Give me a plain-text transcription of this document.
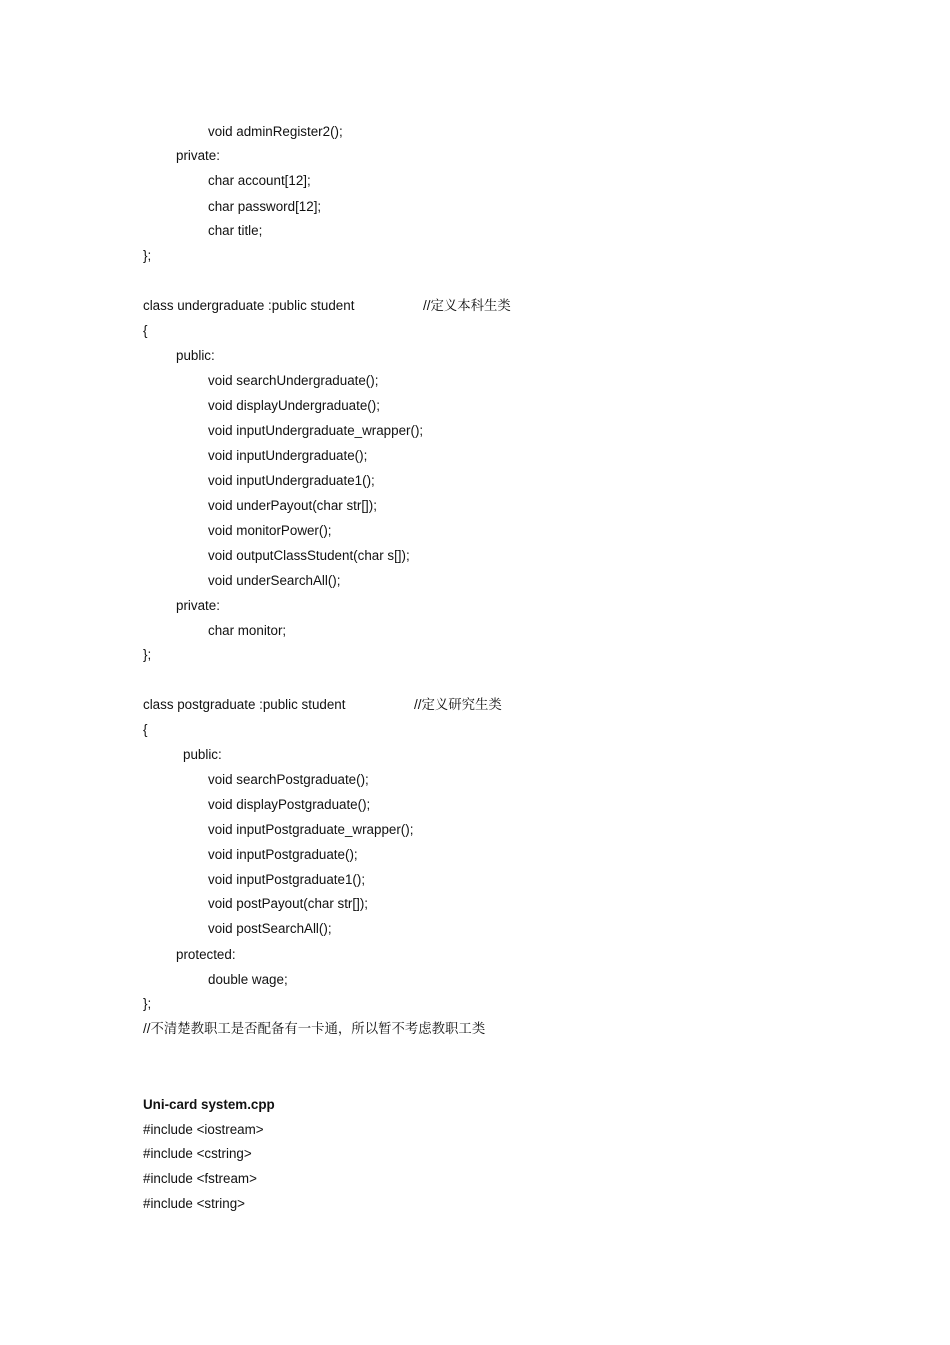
void adminRegister2();
private:
char account[12];
char password[12];
char title;
};
class undergraduate :public student	//定义本科生类
{
public:
void searchUndergraduate();
void displayUndergraduate();
void inputUndergraduate_wrapper();
void inputUndergraduate();
void inputUndergraduate1();
void underPayout(char str[]);
void monitorPower();
void outputClassStudent(char s[]);
void underSearchAll();
private:
char monitor;
};
class postgraduate :public student	//定义研究生类
{
public:
void searchPostgraduate();
void displayPostgraduate();
void inputPostgraduate_wrapper();
void inputPostgraduate();
void inputPostgraduate1();
void postPayout(char str[]);
void postSearchAll();
protected:
double wage;
};
//不清楚教职工是否配备有一卡通，所以暂不考虑教职工类
Uni-card system.cpp
#include <iostream>
#include <cstring>
#include <fstream>
#include <string>
